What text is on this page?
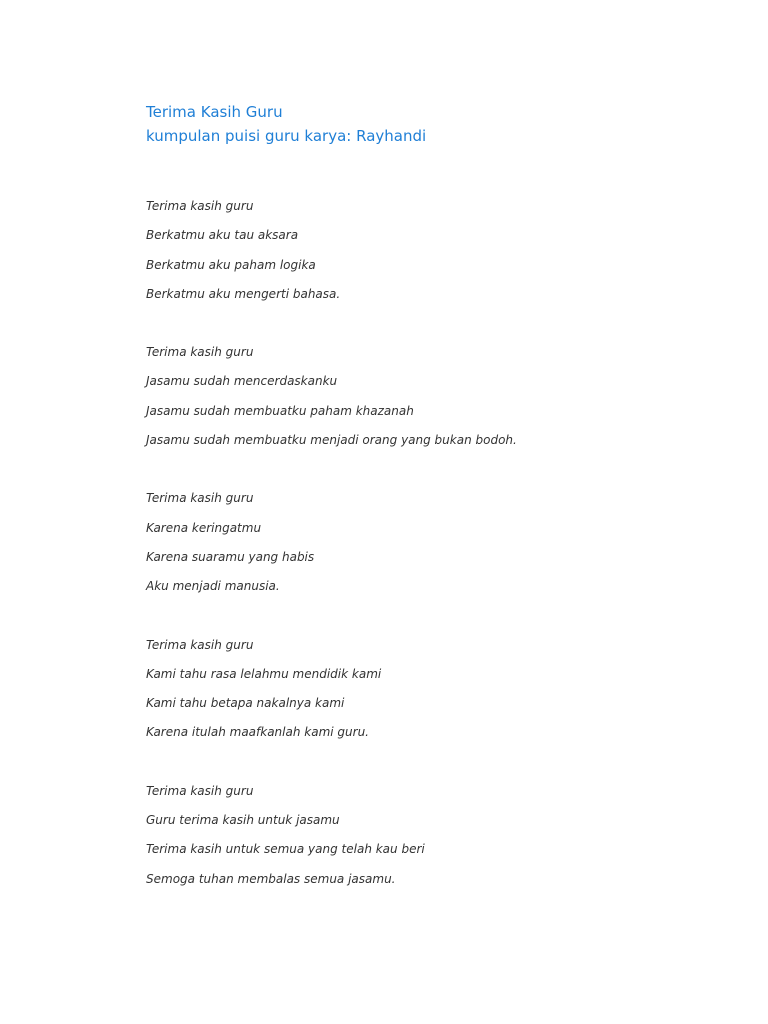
Terima Kasih Guru
kumpulan puisi guru karya: Rayhandi
Terima kasih guru
Berkatmu aku tau aksara
Berkatmu aku paham logika
Berkatmu aku mengerti bahasa.
Terima kasih guru
Jasamu sudah mencerdaskanku
Jasamu sudah membuatku paham khazanah
Jasamu sudah membuatku menjadi orang yang bukan bodoh.
Terima kasih guru
Karena keringatmu
Karena suaramu yang habis
Aku menjadi manusia.
Terima kasih guru
Kami tahu rasa lelahmu mendidik kami
Kami tahu betapa nakalnya kami
Karena itulah maafkanlah kami guru.
Terima kasih guru
Guru terima kasih untuk jasamu
Terima kasih untuk semua yang telah kau beri
Semoga tuhan membalas semua jasamu.
